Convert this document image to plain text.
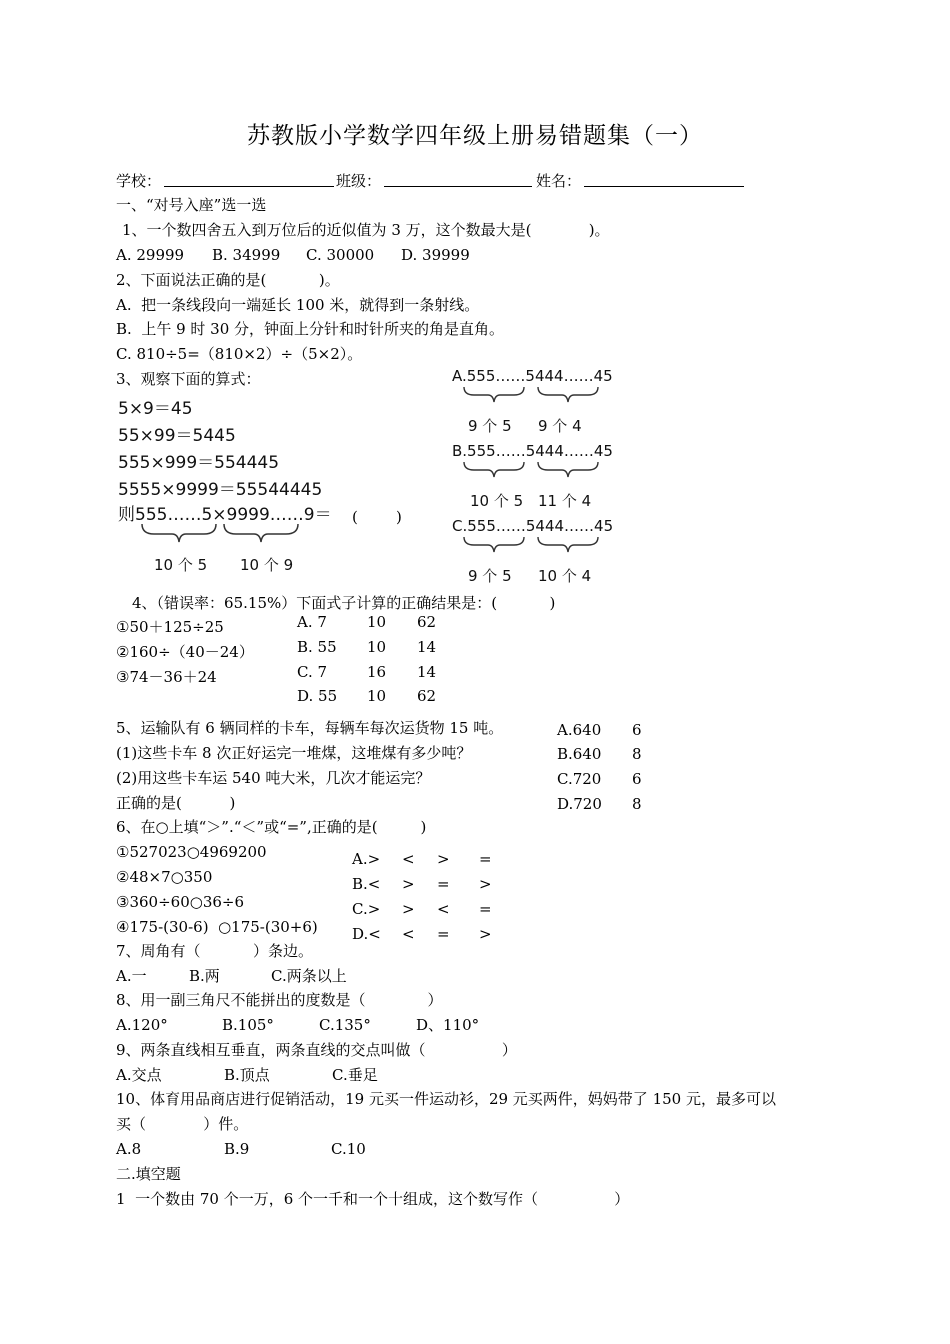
苏教版小学数学四年级上册易错题集（一）
学校：	班级：	姓名：
一、“对号入座”选一选
1、一个数四舍五入到万位后的近似值为 3 万，这个数最大是(            )。
A. 29999 B. 34999 C. 30000 D. 39999
2、下面说法正确的是(           )。
A.  把一条线段向一端延长 100 米，就得到一条射线。
B.  上午 9 时 30 分，钟面上分针和时针所夹的角是直角。
C. 810÷5=（810×2）÷（5×2）。
3、观察下面的算式：
5×9＝45
55×99＝5445
555×999＝554445
5555×9999＝55544445
则555……5×9999……9＝ (        )
10 个 5 10 个 9
A.555……5444……45
9 个 5 9 个 4
B.555……5444……45
10 个 5 11 个 4
C.555……5444……45
9 个 5 10 个 4
4、（错误率：65.15%）下面式子计算的正确结果是：(           )
①50＋125÷25
②160÷（40－24）
③74－36＋24
A. 7	10 62
B. 55 10 14
C. 7	16 14
D. 55 10 62
5、运输队有 6 辆同样的卡车，每辆车每次运货物 15 吨。
(1)这些卡车 8 次正好运完一堆煤，这堆煤有多少吨？
(2)用这些卡车运 540 吨大米，几次才能运完？
正确的是(          )
A.640 6
B.640 8
C.720 6
D.720 8
6、在○上填“＞”.“＜”或“=”,正确的是(         )
①527023○4969200
②48×7○350
③360÷60○36÷6
④175-(30-6)  ○175-(30+6)
A.> < > =
B.< > = >
C.> > < =
D.< < = >
7、周角有（           ）条边。
A.一	B.两	C.两条以上
8、用一副三角尺不能拼出的度数是（             ）
A.120°	B.105°	C.135°	D、110°
9、两条直线相互垂直，两条直线的交点叫做（                ）
A.交点	B.顶点	C.垂足
10、体育用品商店进行促销活动，19 元买一件运动衫，29 元买两件，妈妈带了 150 元，最多可以
买（            ）件。
A.8	B.9	C.10
二.填空题
1  一个数由 70 个一万，6 个一千和一个十组成，这个数写作（                ）
